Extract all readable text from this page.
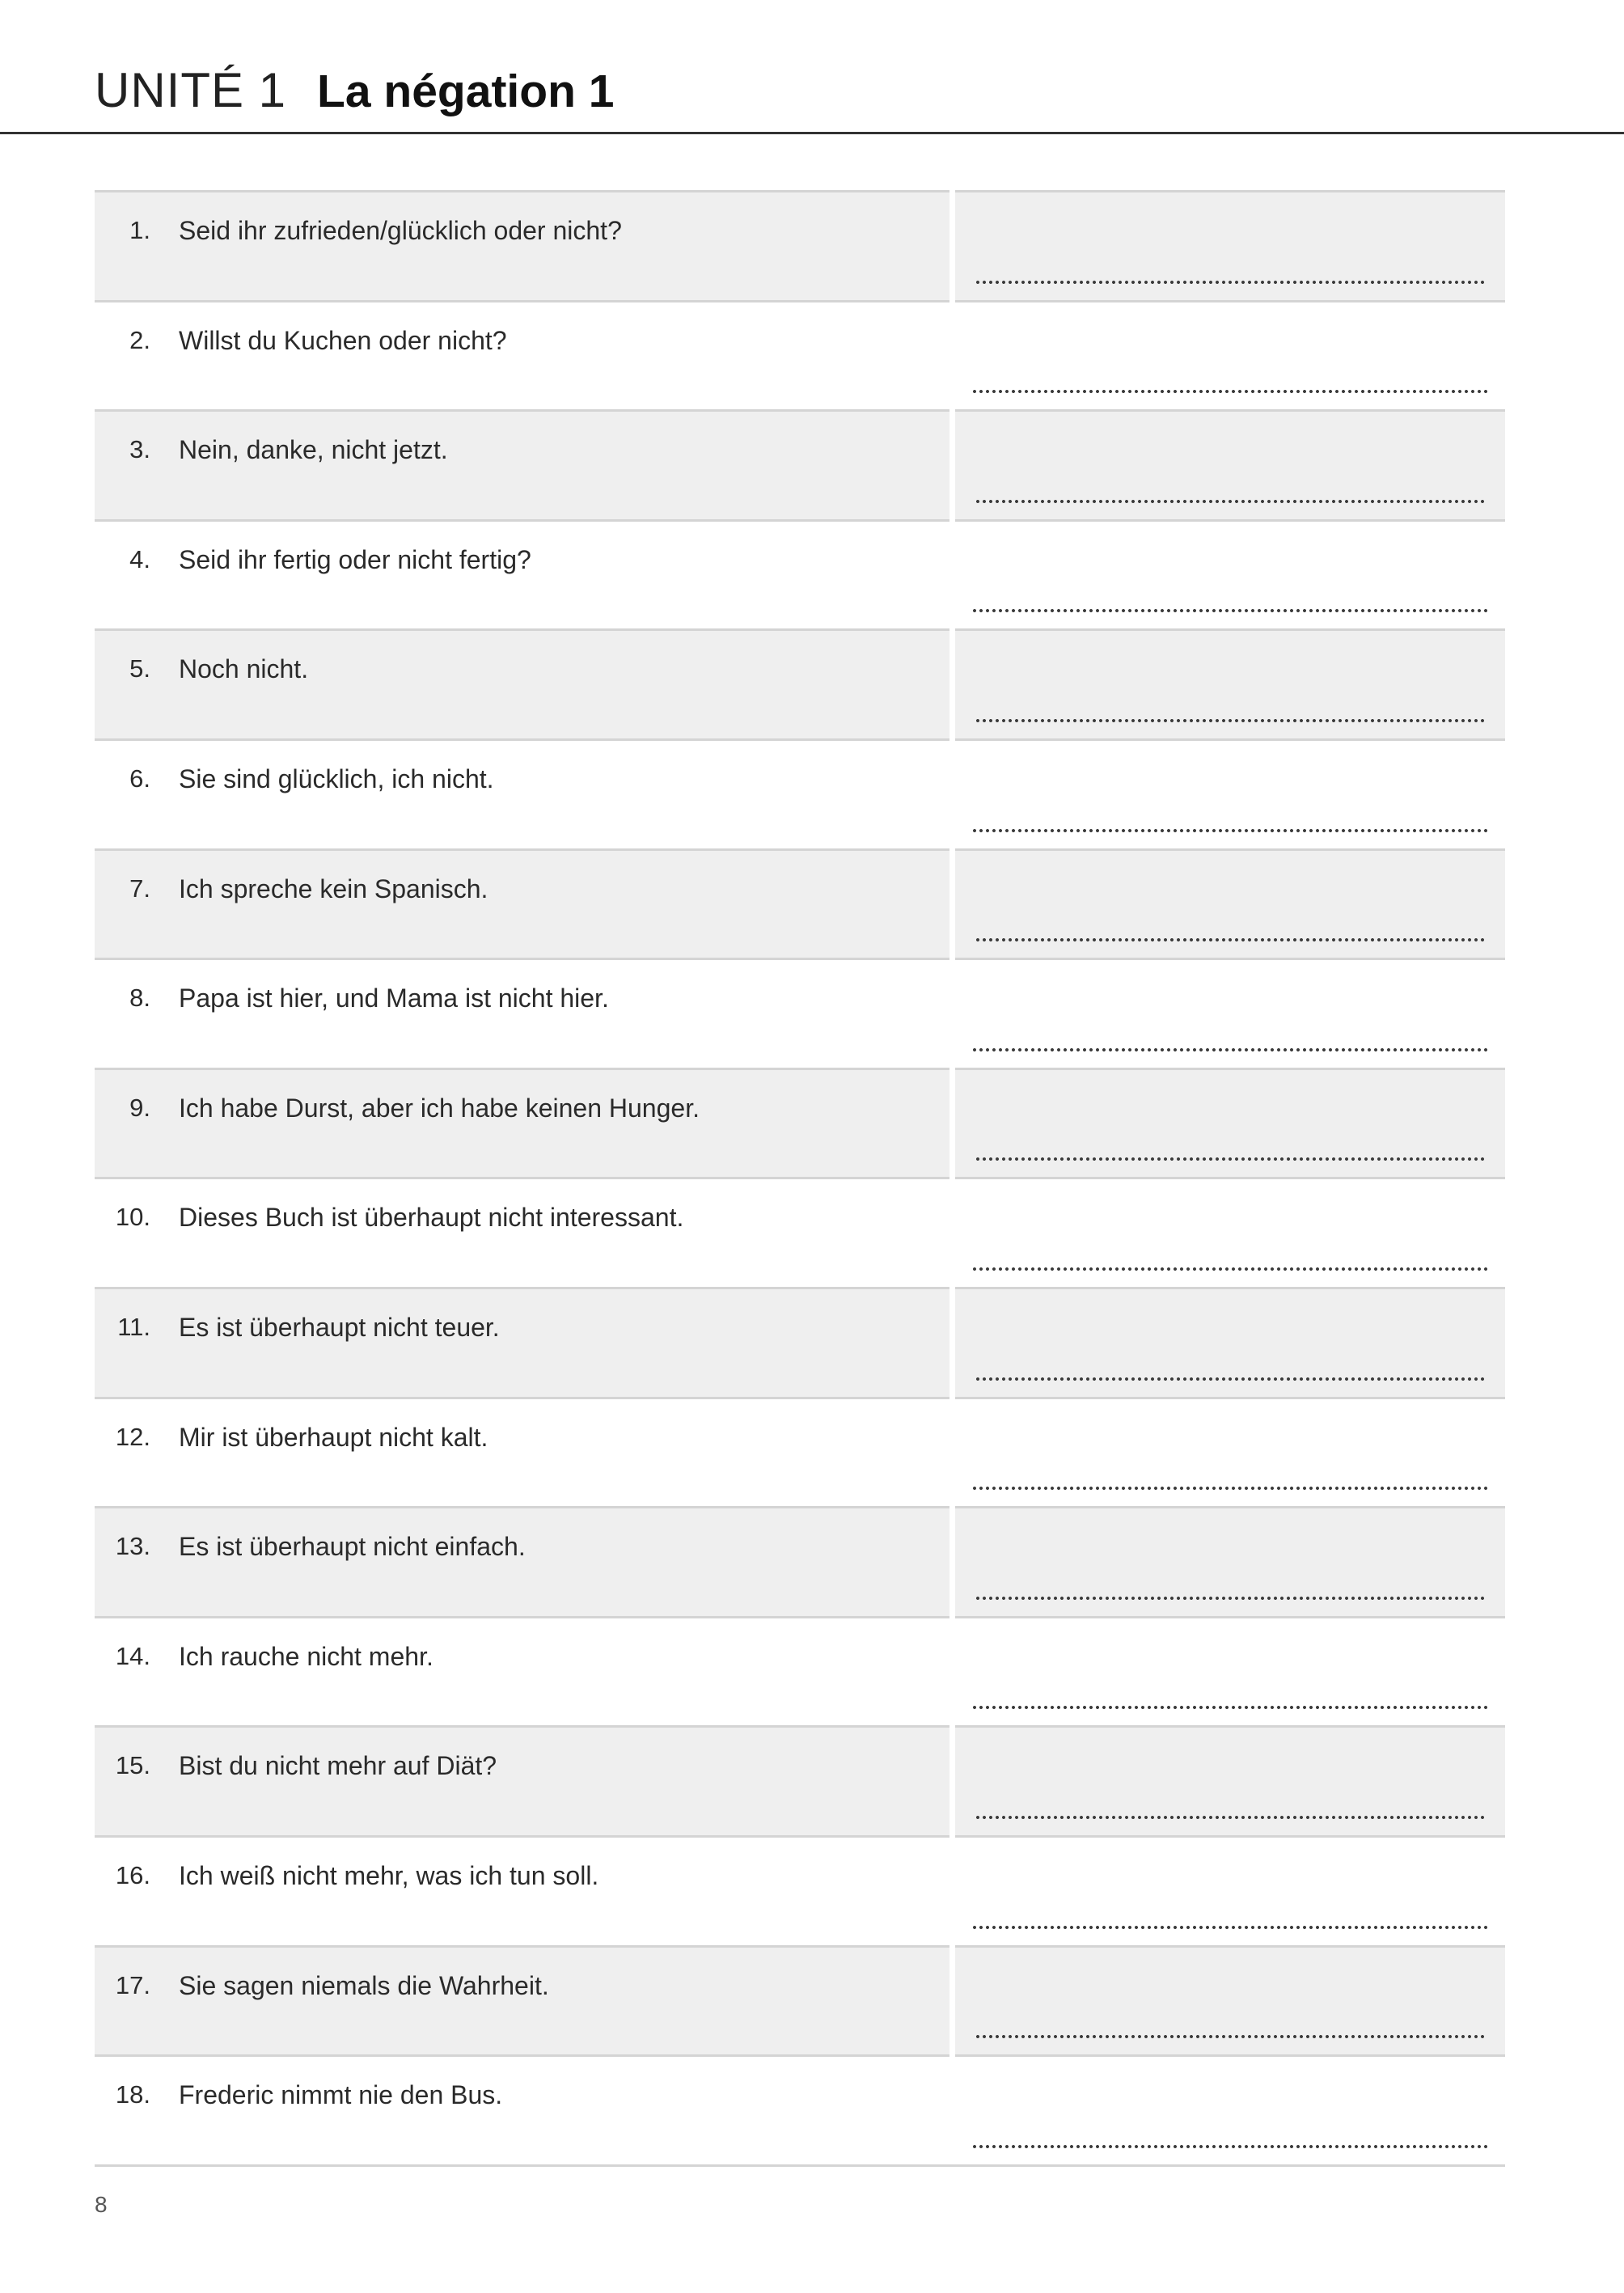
UNITÉ 1 La négation 1
1.	Seid ihr zufrieden/glücklich oder nicht?	

2.	Willst du Kuchen oder nicht?	

3.	Nein, danke, nicht jetzt.	

4.	Seid ihr fertig oder nicht fertig?	

5.	Noch nicht.	

6.	Sie sind glücklich, ich nicht.	

7.	Ich spreche kein Spanisch.	

8.	Papa ist hier, und Mama ist nicht hier.	

9.	Ich habe Durst, aber ich habe keinen Hunger.	

10.	Dieses Buch ist überhaupt nicht interessant.	

11.	Es ist überhaupt nicht teuer.	

12.	Mir ist überhaupt nicht kalt.	

13.	Es ist überhaupt nicht einfach.	

14.	Ich rauche nicht mehr.	

15.	Bist du nicht mehr auf Diät?	

16.	Ich weiß nicht mehr, was ich tun soll.	

17.	Sie sagen niemals die Wahrheit.	

18.	Frederic nimmt nie den Bus.	
8
